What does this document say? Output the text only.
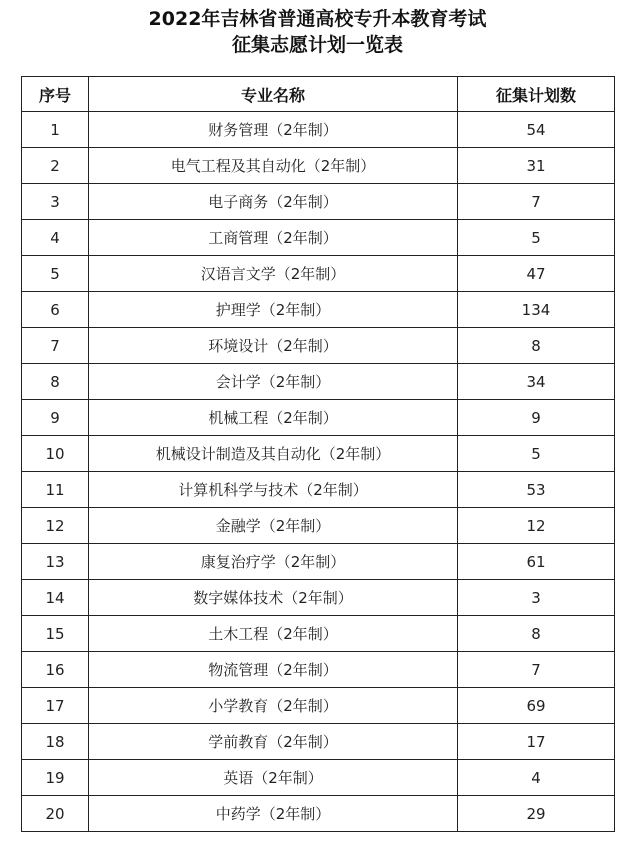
2022年吉林省普通高校专升本教育考试
征集志愿计划一览表
序号	专业名称	征集计划数
1	财务管理（2年制）	54
2	电气工程及其自动化（2年制）	31
3	电子商务（2年制）	7
4	工商管理（2年制）	5
5	汉语言文学（2年制）	47
6	护理学（2年制）	134
7	环境设计（2年制）	8
8	会计学（2年制）	34
9	机械工程（2年制）	9
10	机械设计制造及其自动化（2年制）	5
11	计算机科学与技术（2年制）	53
12	金融学（2年制）	12
13	康复治疗学（2年制）	61
14	数字媒体技术（2年制）	3
15	土木工程（2年制）	8
16	物流管理（2年制）	7
17	小学教育（2年制）	69
18	学前教育（2年制）	17
19	英语（2年制）	4
20	中药学（2年制）	29
